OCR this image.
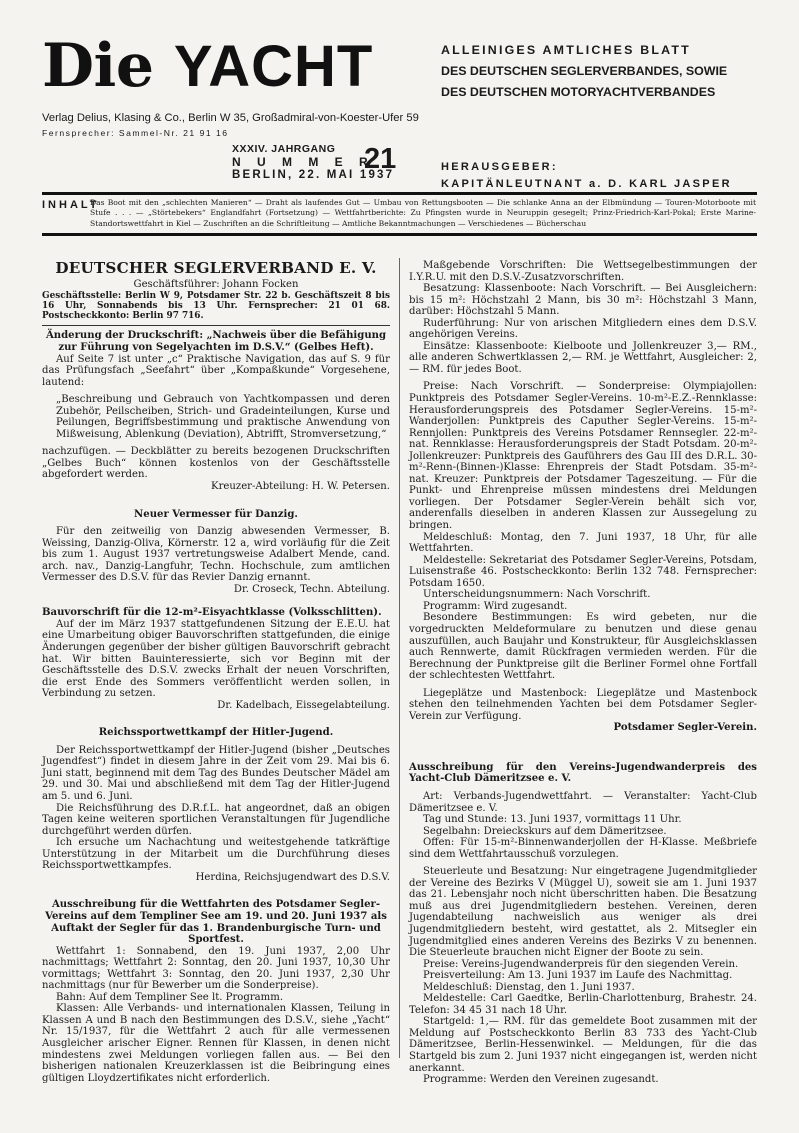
Die YACHT
Verlag Delius, Klasing & Co., Berlin W 35, Großadmiral-von-Koester-Ufer 59
Fernsprecher: Sammel-Nr. 21 91 16
ALLEINIGES AMTLICHES BLATT
DES DEUTSCHEN SEGLERVERBANDES, SOWIE
DES DEUTSCHEN MOTORYACHTVERBANDES
XXXIV. JAHRGANG
N U M M E R
21
BERLIN, 22. MAI 1937
HERAUSGEBER:
KAPITÄNLEUTNANT a. D. KARL JASPER
INHALT
Das Boot mit den „schlechten Manieren“ — Draht als laufendes Gut — Umbau von Rettungsbooten — Die schlanke Anna an der Elbmündung — Touren-Motorboote mit Stufe . . . — „Störtebekers“ Englandfahrt (Fortsetzung) — Wettfahrtberichte: Zu Pfingsten wurde in Neuruppin gesegelt; Prinz-Friedrich-Karl-Pokal; Erste Marine-Standortswettfahrt in Kiel — Zuschriften an die Schriftleitung — Amtliche Bekanntmachungen — Verschiedenes — Bücherschau
DEUTSCHER SEGLERVERBAND E. V.

Geschäftsführer: Johann Focken

Geschäftsstelle: Berlin W 9, Potsdamer Str. 22 b. Geschäftszeit 8 bis 16 Uhr, Sonnabends bis 13 Uhr. Fernsprecher: 21 01 68. Postscheckkonto: Berlin 97 716.

Änderung der Druckschrift: „Nachweis über die Befähigung zur Führung von Segelyachten im D.S.V.“ (Gelbes Heft).

Auf Seite 7 ist unter „c“ Praktische Navigation, das auf S. 9 für das Prüfungsfach „Seefahrt“ über „Kompaßkunde“ Vorgesehene, lautend:

„Beschreibung und Gebrauch von Yachtkompassen und deren Zubehör, Peilscheiben, Strich- und Gradeinteilungen, Kurse und Peilungen, Begriffsbestimmung und praktische Anwendung von Mißweisung, Ablenkung (Deviation), Abtrifft, Stromversetzung,“

nachzufügen. — Deckblätter zu bereits bezogenen Druckschriften „Gelbes Buch“ können kostenlos von der Geschäftsstelle abgefordert werden.

Kreuzer-Abteilung: H. W. Petersen.

Neuer Vermesser für Danzig.

Für den zeitweilig von Danzig abwesenden Vermesser, B. Weissing, Danzig-Oliva, Körnerstr. 12 a, wird vorläufig für die Zeit bis zum 1. August 1937 vertretungsweise Adalbert Mende, cand. arch. nav., Danzig-Langfuhr, Techn. Hochschule, zum amtlichen Vermesser des D.S.V. für das Revier Danzig ernannt.

Dr. Croseck, Techn. Abteilung.

Bauvorschrift für die 12-m²-Eisyachtklasse (Volksschlitten).

Auf der im März 1937 stattgefundenen Sitzung der E.E.U. hat eine Umarbeitung obiger Bauvorschriften stattgefunden, die einige Änderungen gegenüber der bisher gültigen Bauvorschrift gebracht hat. Wir bitten Bauinteressierte, sich vor Beginn mit der Geschäftsstelle des D.S.V. zwecks Erhalt der neuen Vorschriften, die erst Ende des Sommers veröffentlicht werden sollen, in Verbindung zu setzen.

Dr. Kadelbach, Eissegelabteilung.

Reichssportwettkampf der Hitler-Jugend.

Der Reichssportwettkampf der Hitler-Jugend (bisher „Deutsches Jugendfest“) findet in diesem Jahre in der Zeit vom 29. Mai bis 6. Juni statt, beginnend mit dem Tag des Bundes Deutscher Mädel am 29. und 30. Mai und abschließend mit dem Tag der Hitler-Jugend am 5. und 6. Juni.

Die Reichsführung des D.R.f.L. hat angeordnet, daß an obigen Tagen keine weiteren sportlichen Veranstaltungen für Jugendliche durchgeführt werden dürfen.

Ich ersuche um Nachachtung und weitestgehende tatkräftige Unterstützung in der Mitarbeit um die Durchführung dieses Reichssportwettkampfes.

Herdina, Reichsjugendwart des D.S.V.

Ausschreibung für die Wettfahrten des Potsdamer Segler-Vereins auf dem Templiner See am 19. und 20. Juni 1937 als Auftakt der Segler für das 1. Brandenburgische Turn- und Sportfest.

Wettfahrt 1: Sonnabend, den 19. Juni 1937, 2,00 Uhr nachmittags; Wettfahrt 2: Sonntag, den 20. Juni 1937, 10,30 Uhr vormittags; Wettfahrt 3: Sonntag, den 20. Juni 1937, 2,30 Uhr nachmittags (nur für Bewerber um die Sonderpreise).

Bahn: Auf dem Templiner See lt. Programm.

Klassen: Alle Verbands- und internationalen Klassen, Teilung in Klassen A und B nach den Bestimmungen des D.S.V., siehe „Yacht“ Nr. 15/1937, für die Wettfahrt 2 auch für alle vermessenen Ausgleicher arischer Eigner. Rennen für Klassen, in denen nicht mindestens zwei Meldungen vorliegen fallen aus. — Bei den bisherigen nationalen Kreuzerklassen ist die Beibringung eines gültigen Lloydzertifikates nicht erforderlich.

Maßgebende Vorschriften: Die Wettsegelbestimmungen der I.Y.R.U. mit den D.S.V.-Zusatzvorschriften.

Besatzung: Klassenboote: Nach Vorschrift. — Bei Ausgleichern: bis 15 m²: Höchstzahl 2 Mann, bis 30 m²: Höchstzahl 3 Mann, darüber: Höchstzahl 5 Mann.

Ruderführung: Nur von arischen Mitgliedern eines dem D.S.V. angehörigen Vereins.

Einsätze: Klassenboote: Kielboote und Jollenkreuzer 3,— RM., alle anderen Schwertklassen 2,— RM. je Wettfahrt, Ausgleicher: 2,— RM. für jedes Boot.

Preise: Nach Vorschrift. — Sonderpreise: Olympiajollen: Punktpreis des Potsdamer Segler-Vereins. 10-m²-E.Z.-Rennklasse: Herausforderungspreis des Potsdamer Segler-Vereins. 15-m²-Wanderjollen: Punktpreis des Caputher Segler-Vereins. 15-m²-Rennjollen: Punktpreis des Vereins Potsdamer Rennsegler. 22-m²-nat. Rennklasse: Herausforderungspreis der Stadt Potsdam. 20-m²-Jollenkreuzer: Punktpreis des Gauführers des Gau III des D.R.L. 30-m²-Renn-(Binnen-)Klasse: Ehrenpreis der Stadt Potsdam. 35-m²-nat. Kreuzer: Punktpreis der Potsdamer Tageszeitung. — Für die Punkt- und Ehrenpreise müssen mindestens drei Meldungen vorliegen. Der Potsdamer Segler-Verein behält sich vor, anderenfalls dieselben in anderen Klassen zur Aussegelung zu bringen.

Meldeschluß: Montag, den 7. Juni 1937, 18 Uhr, für alle Wettfahrten.

Meldestelle: Sekretariat des Potsdamer Segler-Vereins, Potsdam, Luisenstraße 46. Postscheckkonto: Berlin 132 748. Fernsprecher: Potsdam 1650.

Unterscheidungsnummern: Nach Vorschrift.

Programm: Wird zugesandt.

Besondere Bestimmungen: Es wird gebeten, nur die vorgedruckten Meldeformulare zu benutzen und diese genau auszufüllen, auch Baujahr und Konstrukteur, für Ausgleichsklassen auch Rennwerte, damit Rückfragen vermieden werden. Für die Berechnung der Punktpreise gilt die Berliner Formel ohne Fortfall der schlechtesten Wettfahrt.

Liegeplätze und Mastenbock: Liegeplätze und Mastenbock stehen den teilnehmenden Yachten bei dem Potsdamer Segler-Verein zur Verfügung.

Potsdamer Segler-Verein.

Ausschreibung für den Vereins-Jugendwanderpreis des Yacht-Club Dämeritzsee e. V.

Art: Verbands-Jugendwettfahrt. — Veranstalter: Yacht-Club Dämeritzsee e. V.

Tag und Stunde: 13. Juni 1937, vormittags 11 Uhr.

Segelbahn: Dreieckskurs auf dem Dämeritzsee.

Offen: Für 15-m²-Binnenwanderjollen der H-Klasse. Meßbriefe sind dem Wettfahrtausschuß vorzulegen.

Steuerleute und Besatzung: Nur eingetragene Jugendmitglieder der Vereine des Bezirks V (Müggel U), soweit sie am 1. Juni 1937 das 21. Lebensjahr noch nicht überschritten haben. Die Besatzung muß aus drei Jugendmitgliedern bestehen. Vereinen, deren Jugendabteilung nachweislich aus weniger als drei Jugendmitgliedern besteht, wird gestattet, als 2. Mitsegler ein Jugendmitglied eines anderen Vereins des Bezirks V zu benennen. Die Steuerleute brauchen nicht Eigner der Boote zu sein.

Preise: Vereins-Jugendwanderpreis für den siegenden Verein.

Preisverteilung: Am 13. Juni 1937 im Laufe des Nachmittag.

Meldeschluß: Dienstag, den 1. Juni 1937.

Meldestelle: Carl Gaedtke, Berlin-Charlottenburg, Brahestr. 24. Telefon: 34 45 31 nach 18 Uhr.

Startgeld: 1,— RM. für das gemeldete Boot zusammen mit der Meldung auf Postscheckkonto Berlin 83 733 des Yacht-Club Dämeritzsee, Berlin-Hessenwinkel. — Meldungen, für die das Startgeld bis zum 2. Juni 1937 nicht eingegangen ist, werden nicht anerkannt.

Programme: Werden den Vereinen zugesandt.
